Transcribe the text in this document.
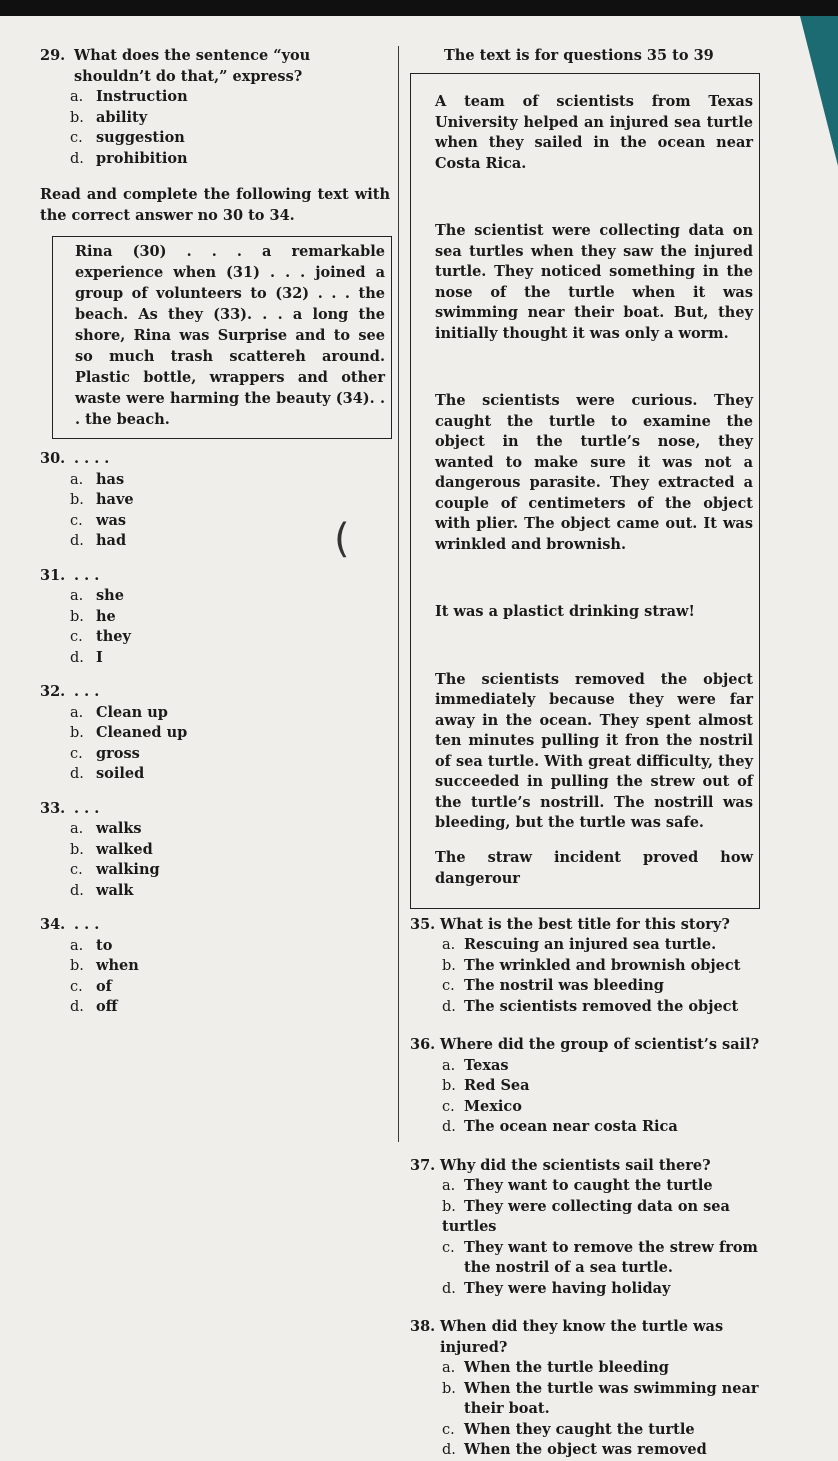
(
29. What does the sentence “you shouldn’t do that,” express?
a. Instruction
b. ability
c. suggestion
d. prohibition

Read and complete the following text with the correct answer no 30 to 34.

Rina (30) . . . a remarkable experience when (31) . . . joined a group of volunteers to (32) . . . the beach. As they (33). . . a long the shore, Rina was Surprise and to see so much trash scattereh around. Plastic bottle, wrappers and other waste were harming the beauty (34). . . the beach.
30. . . . .
a. has
b. have
c. was
d. had
31. . . .
a. she
b. he
c. they
d. I
32. . . .
a. Clean up
b. Cleaned up
c. gross
d. soiled
33. . . .
a. walks
b. walked
c. walking
d. walk
34. . . .
a. to
b. when
c. of
d. off

The text is for questions 35 to 39

A team of scientists from Texas University helped an injured sea turtle when they sailed in the ocean near Costa Rica.

The scientist were collecting data on sea turtles when they saw the injured turtle. They noticed something in the nose of the turtle when it was swimming near their boat. But, they initially thought it was only a worm.

The scientists were curious. They caught the turtle to examine the object in the turtle’s nose, they wanted to make sure it was not a dangerous parasite. They extracted a couple of centimeters of the object with plier. The object came out. It was wrinkled and brownish.

It was a plastict drinking straw!

The scientists removed the object immediately because they were far away in the ocean. They spent almost ten minutes pulling it fron the nostril of sea turtle. With great difficulty, they succeeded in pulling the strew out of the turtle’s nostrill. The nostrill was bleeding, but the turtle was safe.

The straw incident proved how dangerour

35. What is the best title for this story?
a. Rescuing an injured sea turtle.
b. The wrinkled and brownish object
c. The nostril was bleeding
d. The scientists removed the object
36. Where did the group of scientist’s sail?
a. Texas
b. Red Sea
c. Mexico
d. The ocean near costa Rica
37. Why did the scientists sail there?
a. They want to caught the turtle
b. They were collecting data on sea turtles
c. They want to remove the strew from the nostril of a sea turtle.
d. They were having holiday
38. When did they know the turtle was injured?
a. When the turtle bleeding
b. When the turtle was swimming near their boat.
c. When they caught the turtle
d. When the object was removed
